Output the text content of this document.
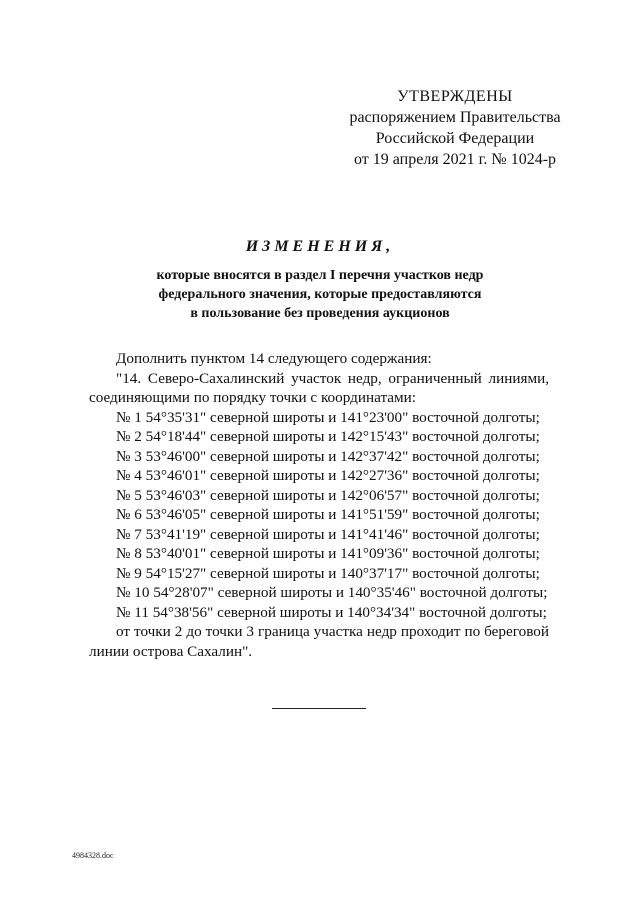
УТВЕРЖДЕНЫ
распоряжением Правительства
Российской Федерации
от 19 апреля 2021 г. № 1024-р
ИЗМЕНЕНИЯ,
которые вносятся в раздел I перечня участков недр
федерального значения, которые предоставляются
в пользование без проведения аукционов
Дополнить пунктом 14 следующего содержания:
"14. Северо-Сахалинский участок недр, ограниченный линиями,
соединяющими по порядку точки с координатами:
№ 1 54°35'31" северной широты и 141°23'00" восточной долготы;
№ 2 54°18'44" северной широты и 142°15'43" восточной долготы;
№ 3 53°46'00" северной широты и 142°37'42" восточной долготы;
№ 4 53°46'01" северной широты и 142°27'36" восточной долготы;
№ 5 53°46'03" северной широты и 142°06'57" восточной долготы;
№ 6 53°46'05" северной широты и 141°51'59" восточной долготы;
№ 7 53°41'19" северной широты и 141°41'46" восточной долготы;
№ 8 53°40'01" северной широты и 141°09'36" восточной долготы;
№ 9 54°15'27" северной широты и 140°37'17" восточной долготы;
№ 10 54°28'07" северной широты и 140°35'46" восточной долготы;
№ 11 54°38'56" северной широты и 140°34'34" восточной долготы;
от точки 2 до точки 3 граница участка недр проходит по береговой
линии острова Сахалин".
4984328.doc
